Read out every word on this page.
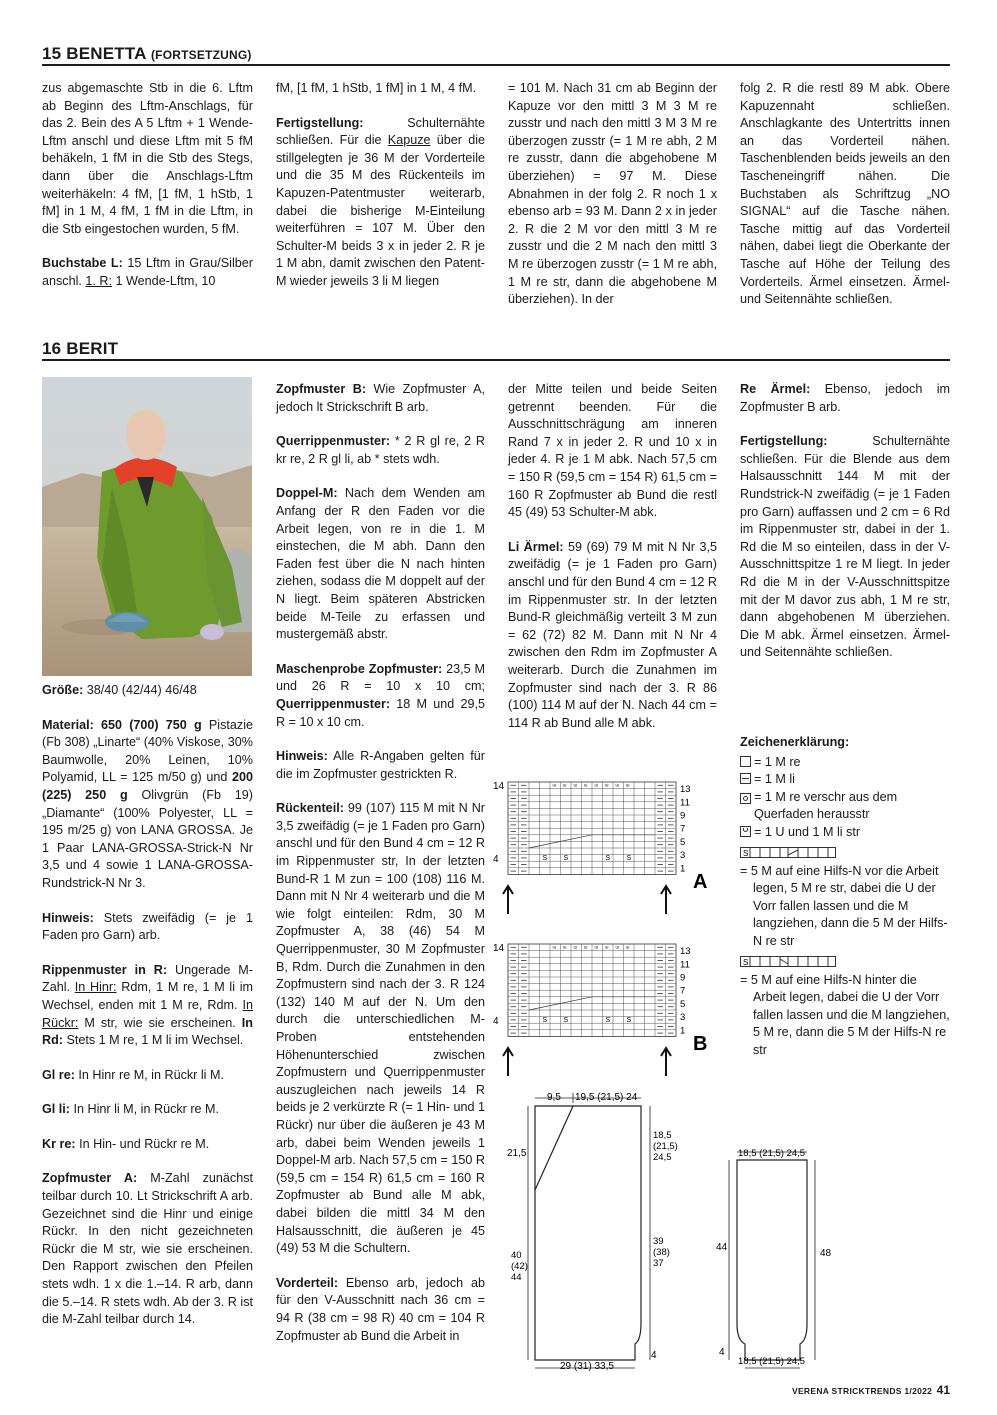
15 BENETTA (FORTSETZUNG)

zus abgemaschte Stb in die 6. Lftm ab Beginn des Lftm-Anschlags, für das 2. Bein des A 5 Lftm + 1 Wende-Lftm anschl und diese Lftm mit 5 fM behäkeln, 1 fM in die Stb des Stegs, dann über die Anschlags-Lftm weiterhäkeln: 4 fM, [1 fM, 1 hStb, 1 fM] in 1 M, 4 fM, 1 fM in die Lftm, in die Stb eingestochen wurden, 5 fM.

Buchstabe L: 15 Lftm in Grau/Silber anschl. 1. R: 1 Wende-Lftm, 10

fM, [1 fM, 1 hStb, 1 fM] in 1 M, 4 fM.

Fertigstellung: Schulternähte schließen. Für die Kapuze über die stillgelegten je 36 M der Vorderteile und die 35 M des Rückenteils im Kapuzen-Patentmuster weiterarb, dabei die bisherige M-Einteilung weiterführen = 107 M. Über den Schulter-M beids 3 x in jeder 2. R je 1 M abn, damit zwischen den Patent-M wieder jeweils 3 li M liegen

= 101 M. Nach 31 cm ab Beginn der Kapuze vor den mittl 3 M 3 M re zusstr und nach den mittl 3 M 3 M re überzogen zusstr (= 1 M re abh, 2 M re zusstr, dann die abgehobene M überziehen) = 97 M. Diese Abnahmen in der folg 2. R noch 1 x ebenso arb = 93 M. Dann 2 x in jeder 2. R die 2 M vor den mittl 3 M re zusstr und die 2 M nach den mittl 3 M re überzogen zusstr (= 1 M re abh, 1 M re str, dann die abgehobene M überziehen). In der

folg 2. R die restl 89 M abk. Obere Kapuzennaht schließen. Anschlagkante des Untertritts innen an das Vorderteil nähen. Taschenblenden beids jeweils an den Tascheneingriff nähen. Die Buchstaben als Schriftzug „NO SIGNAL“ auf die Tasche nähen. Tasche mittig auf das Vorderteil nähen, dabei liegt die Oberkante der Tasche auf Höhe der Teilung des Vorderteils. Ärmel einsetzen. Ärmel- und Seitennähte schließen.

16 BERIT

Größe: 38/40 (42/44) 46/48

Material: 650 (700) 750 g Pistazie (Fb 308) „Linarte“ (40% Viskose, 30% Baumwolle, 20% Leinen, 10% Polyamid, LL = 125 m/50 g) und 200 (225) 250 g Olivgrün (Fb 19) „Diamante“ (100% Polyester, LL = 195 m/25 g) von LANA GROSSA. Je 1 Paar LANA-GROSSA-Strick-N Nr 3,5 und 4 sowie 1 LANA-GROSSA-Rundstrick-N Nr 3.

Hinweis: Stets zweifädig (= je 1 Faden pro Garn) arb.

Rippenmuster in R: Ungerade M-Zahl. In Hinr: Rdm, 1 M re, 1 M li im Wechsel, enden mit 1 M re, Rdm. In Rückr: M str, wie sie erscheinen. In Rd: Stets 1 M re, 1 M li im Wechsel.

Gl re: In Hinr re M, in Rückr li M.

Gl li: In Hinr li M, in Rückr re M.

Kr re: In Hin- und Rückr re M.

Zopfmuster A: M-Zahl zunächst teilbar durch 10. Lt Strickschrift A arb. Gezeichnet sind die Hinr und einige Rückr. In den nicht gezeichneten Rückr die M str, wie sie erscheinen. Den Rapport zwischen den Pfeilen stets wdh. 1 x die 1.–14. R arb, dann die 5.–14. R stets wdh. Ab der 3. R ist die M-Zahl teilbar durch 14.

Zopfmuster B: Wie Zopfmuster A, jedoch lt Strickschrift B arb.

Querrippenmuster: * 2 R gl re, 2 R kr re, 2 R gl li, ab * stets wdh.

Doppel-M: Nach dem Wenden am Anfang der R den Faden vor die Arbeit legen, von re in die 1. M einstechen, die M abh. Dann den Faden fest über die N nach hinten ziehen, sodass die M doppelt auf der N liegt. Beim späteren Abstricken beide M-Teile zu erfassen und mustergemäß abstr.

Maschenprobe Zopfmuster: 23,5 M und 26 R = 10 x 10 cm; Querrippenmuster: 18 M und 29,5 R = 10 x 10 cm.

Hinweis: Alle R-Angaben gelten für die im Zopfmuster gestrickten R.

Rückenteil: 99 (107) 115 M mit N Nr 3,5 zweifädig (= je 1 Faden pro Garn) anschl und für den Bund 4 cm = 12 R im Rippenmuster str, In der letzten Bund-R 1 M zun = 100 (108) 116 M. Dann mit N Nr 4 weiterarb und die M wie folgt einteilen: Rdm, 30 M Zopfmuster A, 38 (46) 54 M Querrippenmuster, 30 M Zopfmuster B, Rdm. Durch die Zunahmen in den Zopfmustern sind nach der 3. R 124 (132) 140 M auf der N. Um den durch die unterschiedlichen M-Proben entstehenden Höhenunterschied zwischen Zopfmustern und Querrippenmuster auszugleichen nach jeweils 14 R beids je 2 verkürzte R (= 1 Hin- und 1 Rückr) nur über die äußeren je 43 M arb, dabei beim Wenden jeweils 1 Doppel-M arb. Nach 57,5 cm = 150 R (59,5 cm = 154 R) 61,5 cm = 160 R Zopfmuster ab Bund alle M abk, dabei bilden die mittl 34 M den Halsausschnitt, die äußeren je 45 (49) 53 M die Schultern.

Vorderteil: Ebenso arb, jedoch ab für den V-Ausschnitt nach 36 cm = 94 R (38 cm = 98 R) 40 cm = 104 R Zopfmuster ab Bund die Arbeit in

der Mitte teilen und beide Seiten getrennt beenden. Für die Ausschnittschrägung am inneren Rand 7 x in jeder 2. R und 10 x in jeder 4. R je 1 M abk. Nach 57,5 cm = 150 R (59,5 cm = 154 R) 61,5 cm = 160 R Zopfmuster ab Bund die restl 45 (49) 53 Schulter-M abk.

Li Ärmel: 59 (69) 79 M mit N Nr 3,5 zweifädig (= je 1 Faden pro Garn) anschl und für den Bund 4 cm = 12 R im Rippenmuster str. In der letzten Bund-R gleichmäßig verteilt 3 M zun = 62 (72) 82 M. Dann mit N Nr 4 zwischen den Rdm im Zopfmuster A weiterarb. Durch die Zunahmen im Zopfmuster sind nach der 3. R 86 (100) 114 M auf der N. Nach 44 cm = 114 R ab Bund alle M abk.

Re Ärmel: Ebenso, jedoch im Zopfmuster B arb.

Fertigstellung: Schulternähte schließen. Für die Blende aus dem Halsausschnitt 144 M mit der Rundstrick-N zweifädig (= je 1 Faden pro Garn) auffassen und 2 cm = 6 Rd im Rippenmuster str, dabei in der 1. Rd die M so einteilen, dass in der V-Ausschnittspitze 1 re M liegt. In jeder Rd die M in der V-Ausschnittspitze mit der M davor zus abh, 1 M re str, dann abgehobenen M überziehen. Die M abk. Ärmel einsetzen. Ärmel- und Seitennähte schließen.

Zeichenerklärung:
= 1 M re
= 1 M li
= 1 M re verschr aus dem Querfaden herausstr
= 1 U und 1 M li str
S
= 5 M auf eine Hilfs-N vor die Arbeit legen, 5 M re str, dabei die U der Vorr fallen lassen und die M langziehen, dann die 5 M der Hilfs-N re str
S
= 5 M auf eine Hilfs-N hinter die Arbeit legen, dabei die U der Vorr fallen lassen und die M langziehen, 5 M re, dann die 5 M der Hilfs-N re str
ᵚ ᵚ ᵚ ᵚ ᵚ ᵚ ᵚ ᵚ
S S	S S
14
4
13
11
9
7
5
3
1
A
ᵚ ᵚ ᵚ ᵚ ᵚ ᵚ ᵚ ᵚ
S S	S S
14
4
13
11
9
7
5
3
1
B
9,5 19,5 (21,5) 24
21,5
18,5 (21,5) 24,5
39 (38) 37
40 (42) 44
4
29 (31) 33,5
18,5 (21,5) 24,5
44
48
4
18,5 (21,5) 24,5
VERENA STRICKTRENDS 1/2022 41
